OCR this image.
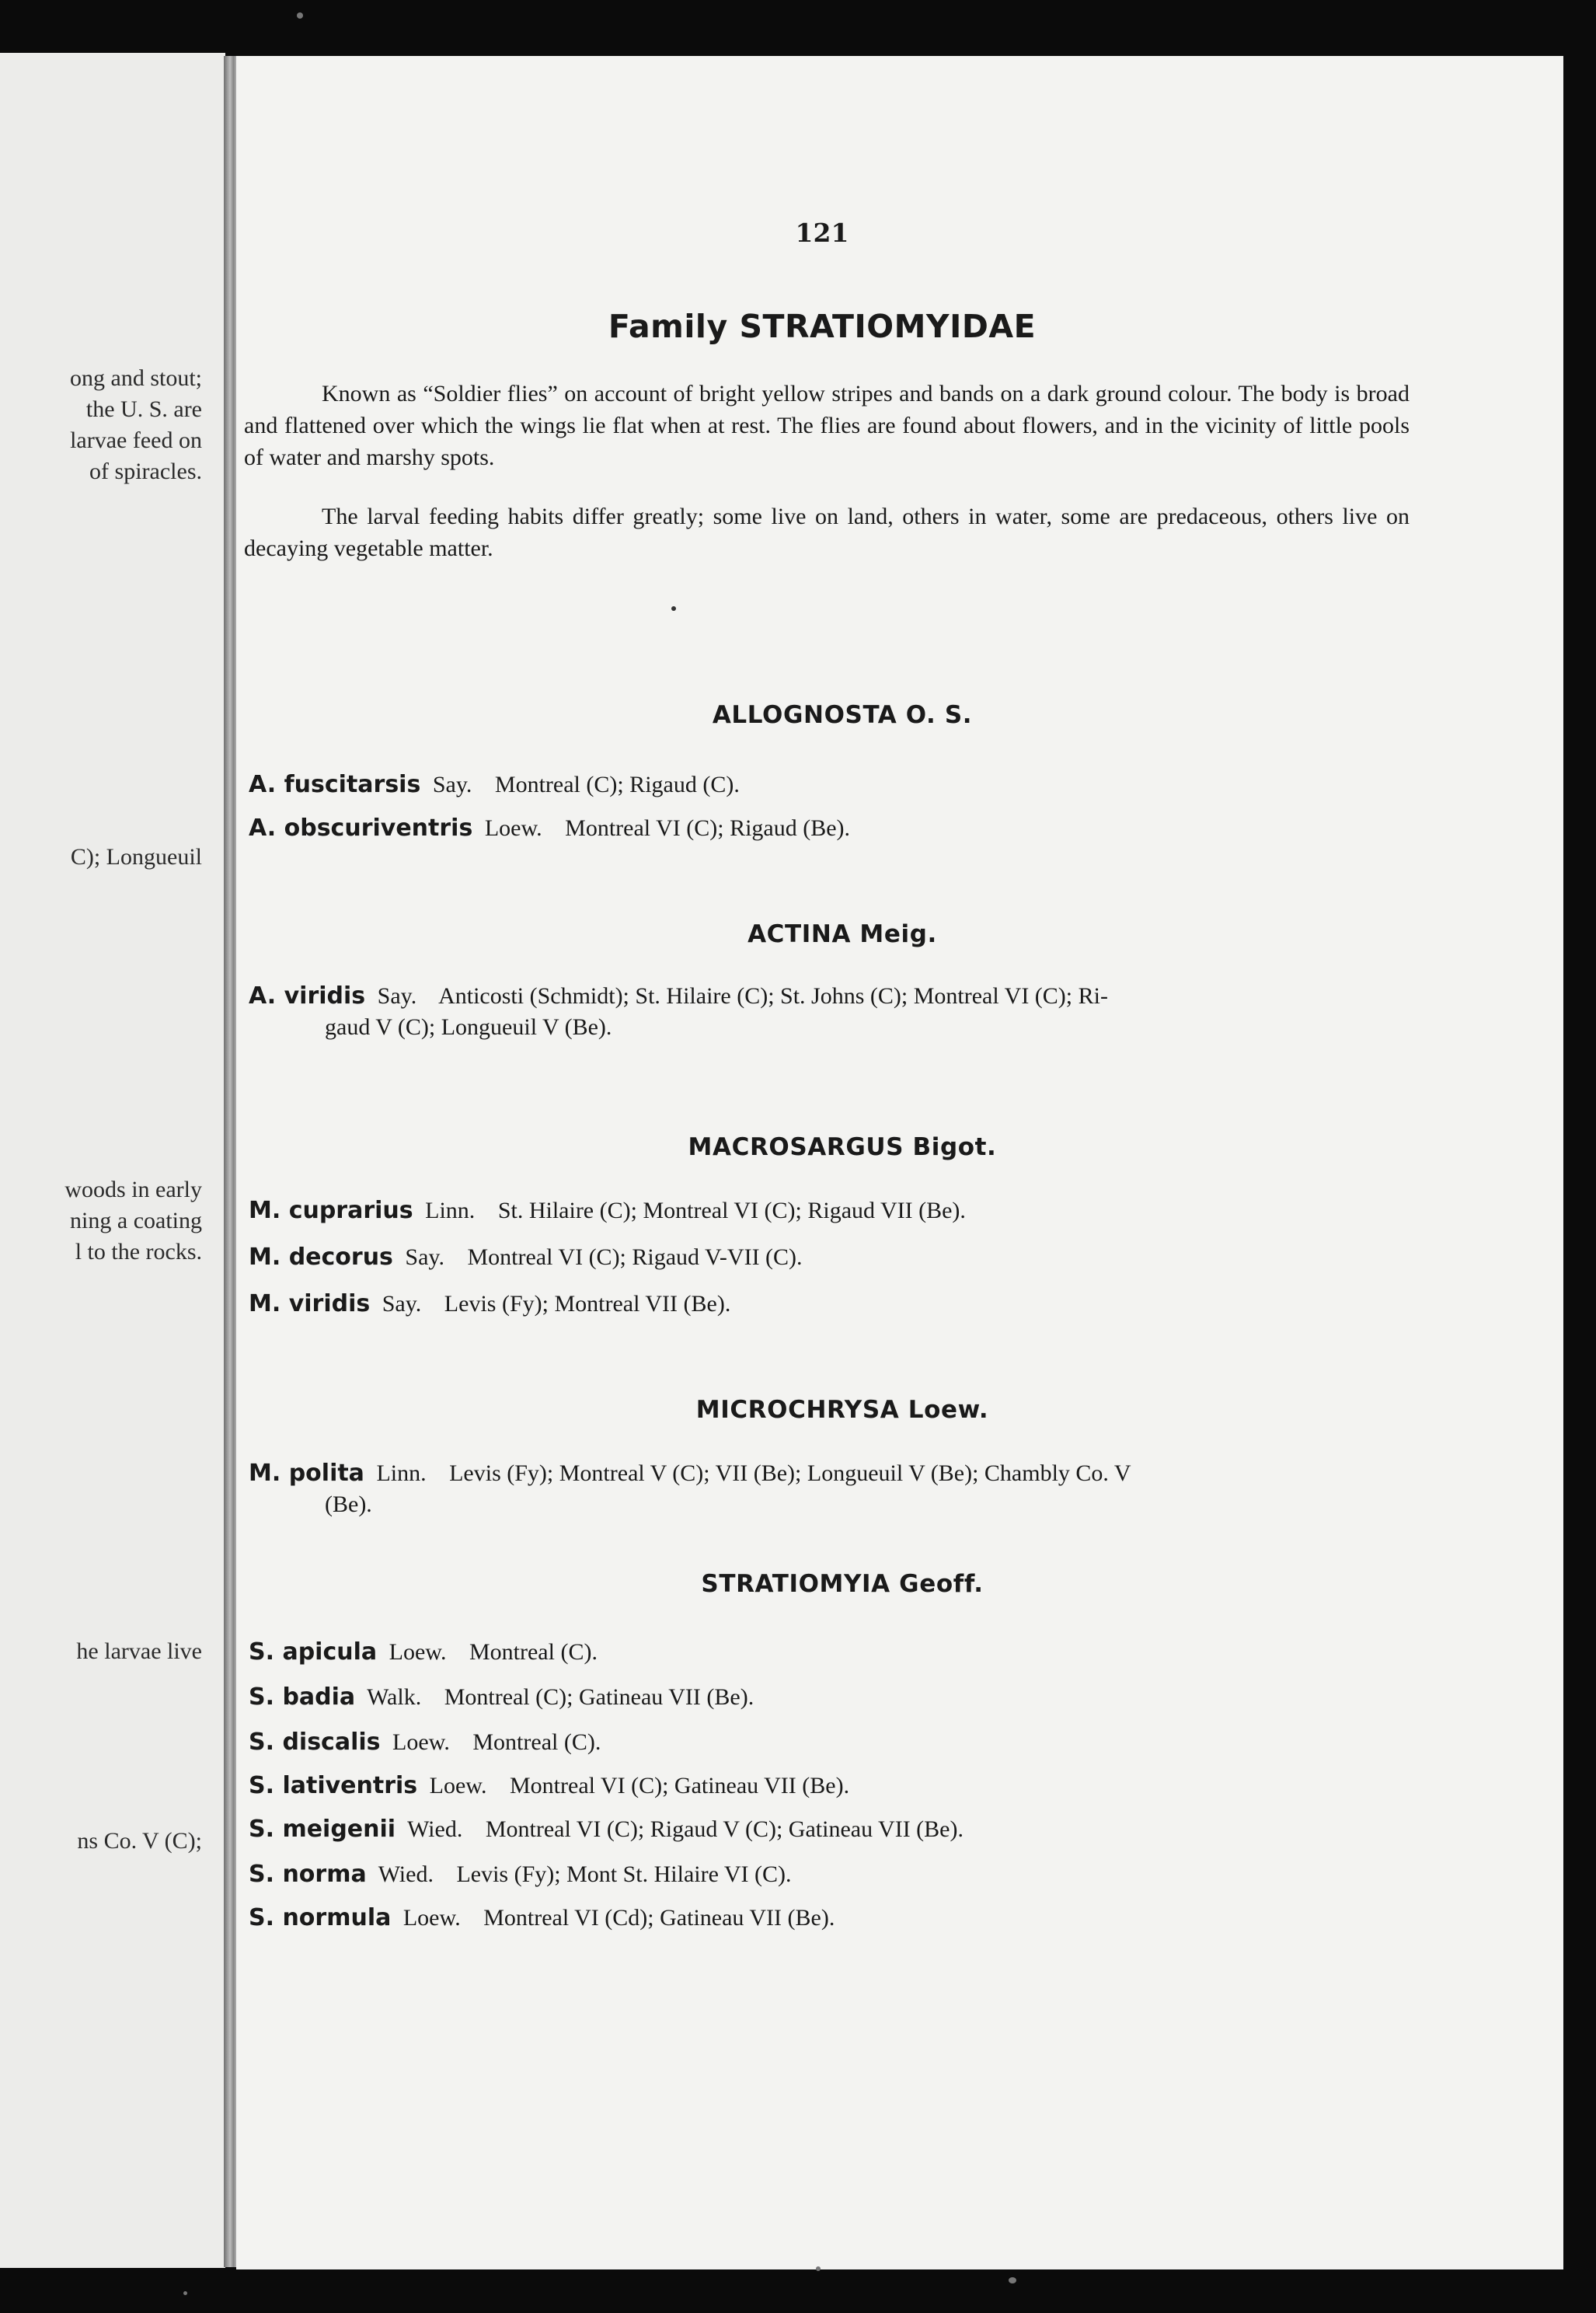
ong and stout;
the U. S. are
larvae feed on
of spiracles.
C); Longueuil
woods in early
ning a coating
l to the rocks.
he larvae live
ns Co. V (C);
121
Family STRATIOMYIDAE
Known as “Soldier flies” on account of bright yellow stripes and bands on a dark ground colour. The body is broad and flattened over which the wings lie flat when at rest. The flies are found about flowers, and in the vicinity of little pools of water and marshy spots.
The larval feeding habits differ greatly; some live on land, others in water, some are predaceous, others live on decaying vegetable matter.
ALLOGNOSTA O. S.
A. fuscitarsis Say. Montreal (C); Rigaud (C).
A. obscuriventris Loew. Montreal VI (C); Rigaud (Be).
ACTINA Meig.
A. viridis Say. Anticosti (Schmidt); St. Hilaire (C); St. Johns (C); Montreal VI (C); Ri-
gaud V (C); Longueuil V (Be).
MACROSARGUS Bigot.
M. cuprarius Linn. St. Hilaire (C); Montreal VI (C); Rigaud VII (Be).
M. decorus Say. Montreal VI (C); Rigaud V-VII (C).
M. viridis Say. Levis (Fy); Montreal VII (Be).
MICROCHRYSA Loew.
M. polita Linn. Levis (Fy); Montreal V (C); VII (Be); Longueuil V (Be); Chambly Co. V
(Be).
STRATIOMYIA Geoff.
S. apicula Loew. Montreal (C).
S. badia Walk. Montreal (C); Gatineau VII (Be).
S. discalis Loew. Montreal (C).
S. lativentris Loew. Montreal VI (C); Gatineau VII (Be).
S. meigenii Wied. Montreal VI (C); Rigaud V (C); Gatineau VII (Be).
S. norma Wied. Levis (Fy); Mont St. Hilaire VI (C).
S. normula Loew. Montreal VI (Cd); Gatineau VII (Be).
